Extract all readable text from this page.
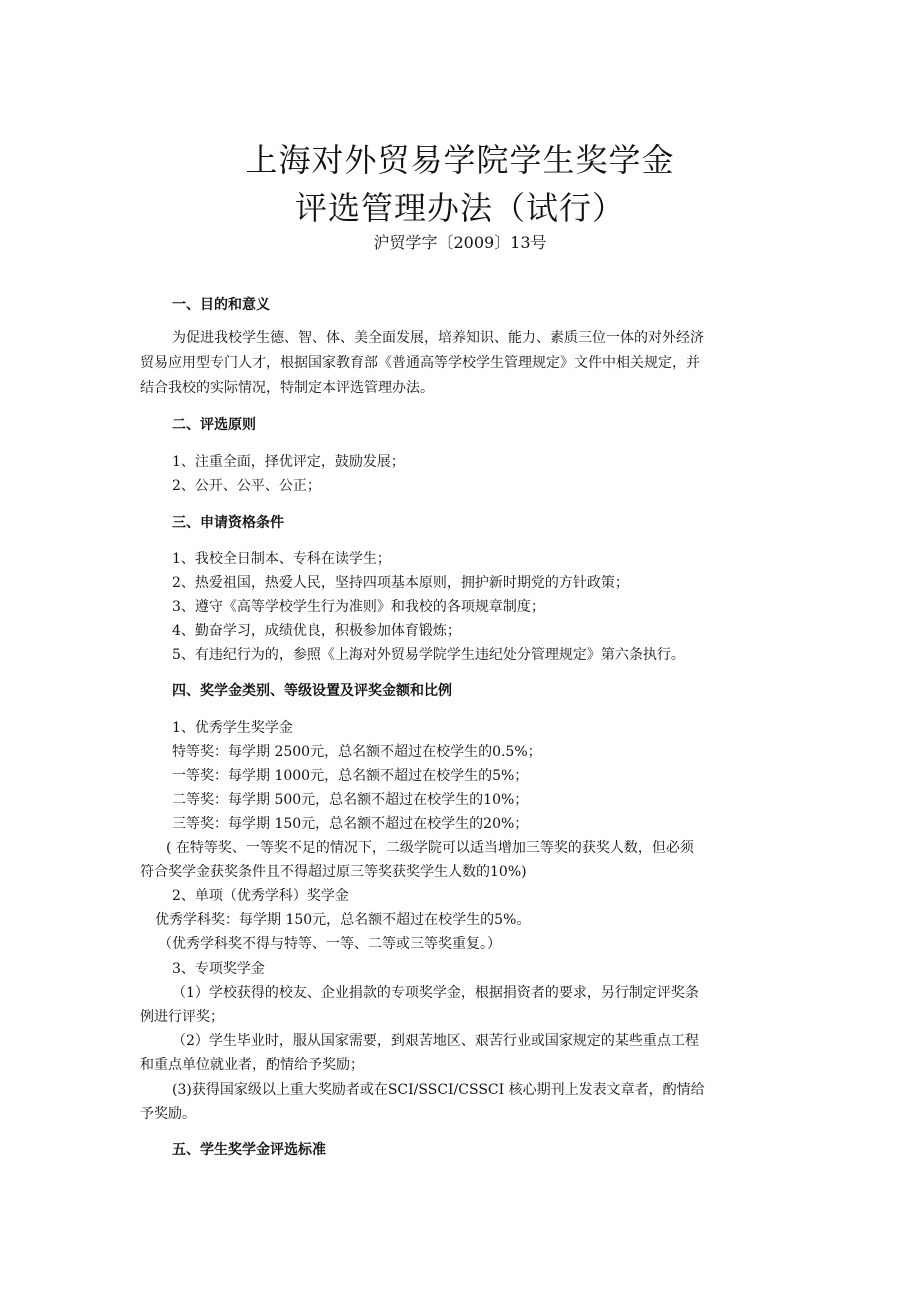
上海对外贸易学院学生奖学金
评选管理办法（试行）
沪贸学字〔2009〕13号
一、目的和意义
为促进我校学生德、智、体、美全面发展，培养知识、能力、素质三位一体的对外经济
贸易应用型专门人才，根据国家教育部《普通高等学校学生管理规定》文件中相关规定，并
结合我校的实际情况，特制定本评选管理办法。
二、评选原则
1、注重全面，择优评定，鼓励发展；
2、公开、公平、公正；
三、申请资格条件
1、我校全日制本、专科在读学生；
2、热爱祖国，热爱人民，坚持四项基本原则，拥护新时期党的方针政策；
3、遵守《高等学校学生行为准则》和我校的各项规章制度；
4、勤奋学习，成绩优良，积极参加体育锻炼；
5、有违纪行为的，参照《上海对外贸易学院学生违纪处分管理规定》第六条执行。
四、奖学金类别、等级设置及评奖金额和比例
1、优秀学生奖学金
特等奖：每学期 2500元，总名额不超过在校学生的0.5%；
一等奖：每学期 1000元，总名额不超过在校学生的5%；
二等奖：每学期 500元，总名额不超过在校学生的10%；
三等奖：每学期 150元，总名额不超过在校学生的20%；
( 在特等奖、一等奖不足的情况下，二级学院可以适当增加三等奖的获奖人数，但必须
符合奖学金获奖条件且不得超过原三等奖获奖学生人数的10%)
2、单项（优秀学科）奖学金
优秀学科奖：每学期 150元，总名额不超过在校学生的5%。
（优秀学科奖不得与特等、一等、二等或三等奖重复。）
3、专项奖学金
（1）学校获得的校友、企业捐款的专项奖学金，根据捐资者的要求，另行制定评奖条
例进行评奖；
（2）学生毕业时，服从国家需要，到艰苦地区、艰苦行业或国家规定的某些重点工程
和重点单位就业者，酌情给予奖励；
(3)获得国家级以上重大奖励者或在SCI/SSCI/CSSCI 核心期刊上发表文章者，酌情给
予奖励。
五、学生奖学金评选标准
